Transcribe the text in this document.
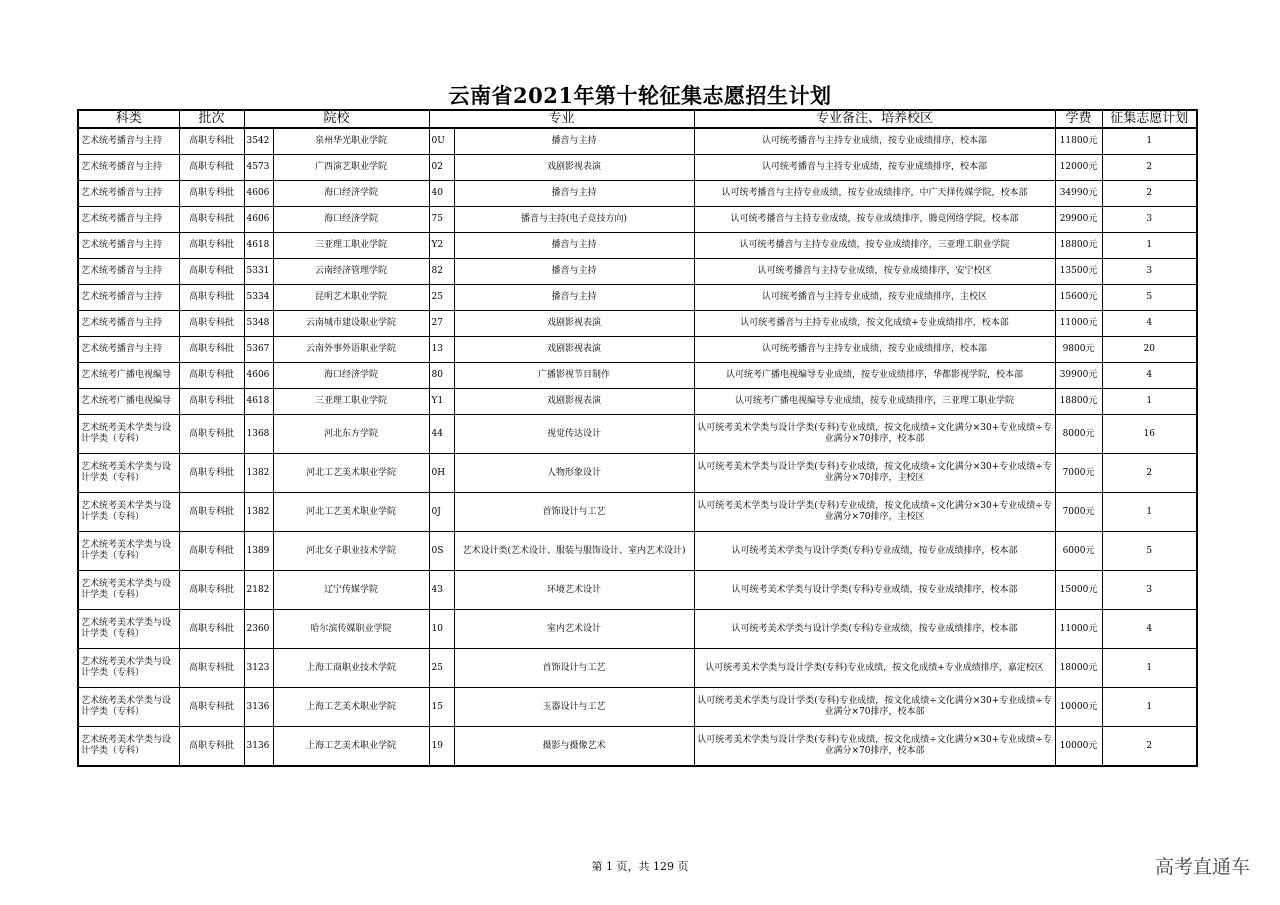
云南省2021年第十轮征集志愿招生计划
科类	批次	院校		专业		专业备注、培养校区	学费	征集志愿计划
艺术统考播音与主持	高职专科批	3542	泉州华光职业学院	0U	播音与主持	认可统考播音与主持专业成绩，按专业成绩排序，校本部	11800元	1
艺术统考播音与主持	高职专科批	4573	广西演艺职业学院	02	戏剧影视表演	认可统考播音与主持专业成绩，按专业成绩排序，校本部	12000元	2
艺术统考播音与主持	高职专科批	4606	海口经济学院	40	播音与主持	认可统考播音与主持专业成绩，按专业成绩排序，中广天择传媒学院，校本部	34990元	2
艺术统考播音与主持	高职专科批	4606	海口经济学院	75	播音与主持(电子竞技方向)	认可统考播音与主持专业成绩，按专业成绩排序，腾竞网络学院，校本部	29900元	3
艺术统考播音与主持	高职专科批	4618	三亚理工职业学院	Y2	播音与主持	认可统考播音与主持专业成绩，按专业成绩排序，三亚理工职业学院	18800元	1
艺术统考播音与主持	高职专科批	5331	云南经济管理学院	82	播音与主持	认可统考播音与主持专业成绩，按专业成绩排序，安宁校区	13500元	3
艺术统考播音与主持	高职专科批	5334	昆明艺术职业学院	25	播音与主持	认可统考播音与主持专业成绩，按专业成绩排序，主校区	15600元	5
艺术统考播音与主持	高职专科批	5348	云南城市建设职业学院	27	戏剧影视表演	认可统考播音与主持专业成绩，按文化成绩+专业成绩排序，校本部	11000元	4
艺术统考播音与主持	高职专科批	5367	云南外事外语职业学院	13	戏剧影视表演	认可统考播音与主持专业成绩，按专业成绩排序，校本部	9800元	20
艺术统考广播电视编导	高职专科批	4606	海口经济学院	80	广播影视节目制作	认可统考广播电视编导专业成绩，按专业成绩排序，华都影视学院，校本部	39900元	4
艺术统考广播电视编导	高职专科批	4618	三亚理工职业学院	Y1	戏剧影视表演	认可统考广播电视编导专业成绩，按专业成绩排序，三亚理工职业学院	18800元	1
艺术统考美术学类与设计学类（专科）	高职专科批	1368	河北东方学院	44	视觉传达设计	认可统考美术学类与设计学类(专科)专业成绩，按文化成绩÷文化满分×30+专业成绩÷专业满分×70排序，校本部	8000元	16
艺术统考美术学类与设计学类（专科）	高职专科批	1382	河北工艺美术职业学院	0H	人物形象设计	认可统考美术学类与设计学类(专科)专业成绩，按文化成绩÷文化满分×30+专业成绩÷专业满分×70排序，主校区	7000元	2
艺术统考美术学类与设计学类（专科）	高职专科批	1382	河北工艺美术职业学院	0J	首饰设计与工艺	认可统考美术学类与设计学类(专科)专业成绩，按文化成绩÷文化满分×30+专业成绩÷专业满分×70排序，主校区	7000元	1
艺术统考美术学类与设计学类（专科）	高职专科批	1389	河北女子职业技术学院	0S	艺术设计类(艺术设计、服装与服饰设计、室内艺术设计)	认可统考美术学类与设计学类(专科)专业成绩，按专业成绩排序，校本部	6000元	5
艺术统考美术学类与设计学类（专科）	高职专科批	2182	辽宁传媒学院	43	环境艺术设计	认可统考美术学类与设计学类(专科)专业成绩，按专业成绩排序，校本部	15000元	3
艺术统考美术学类与设计学类（专科）	高职专科批	2360	哈尔滨传媒职业学院	10	室内艺术设计	认可统考美术学类与设计学类(专科)专业成绩，按专业成绩排序，校本部	11000元	4
艺术统考美术学类与设计学类（专科）	高职专科批	3123	上海工商职业技术学院	25	首饰设计与工艺	认可统考美术学类与设计学类(专科)专业成绩，按文化成绩+专业成绩排序，嘉定校区	18000元	1
艺术统考美术学类与设计学类（专科）	高职专科批	3136	上海工艺美术职业学院	15	玉器设计与工艺	认可统考美术学类与设计学类(专科)专业成绩，按文化成绩÷文化满分×30+专业成绩÷专业满分×70排序，校本部	10000元	1
艺术统考美术学类与设计学类（专科）	高职专科批	3136	上海工艺美术职业学院	19	摄影与摄像艺术	认可统考美术学类与设计学类(专科)专业成绩，按文化成绩÷文化满分×30+专业成绩÷专业满分×70排序，校本部	10000元	2
第 1 页，共 129 页	高考直通车
